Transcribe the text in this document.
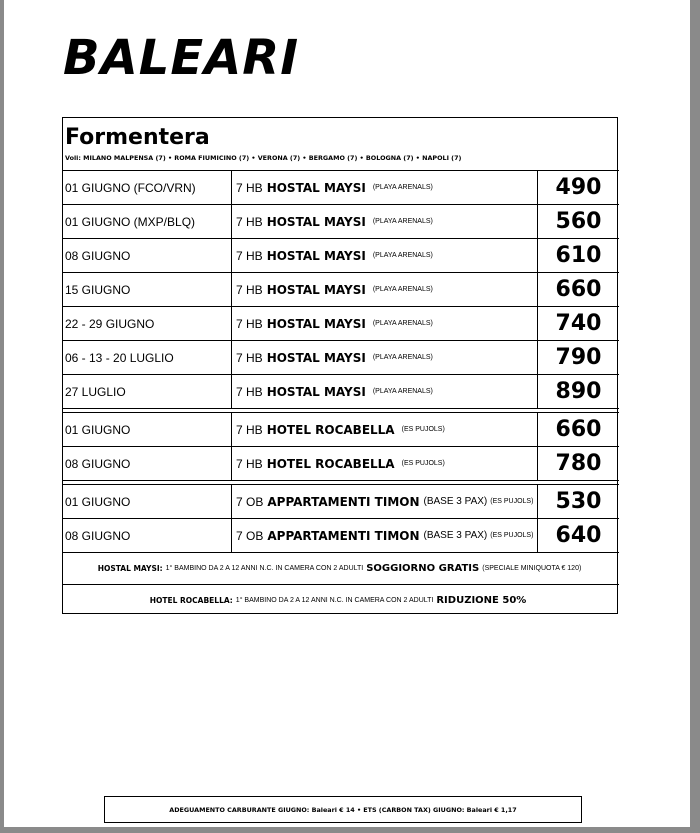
BALEARI
Formentera
Voli: MILANO MALPENSA (7) • ROMA FIUMICINO (7) • VERONA (7) • BERGAMO (7) • BOLOGNA (7) • NAPOLI (7)
01 GIUGNO (FCO/VRN)	7 HB HOSTAL MAYSI (PLAYA ARENALS)	490
01 GIUGNO (MXP/BLQ)	7 HB HOSTAL MAYSI (PLAYA ARENALS)	560
08 GIUGNO	7 HB HOSTAL MAYSI (PLAYA ARENALS)	610
15 GIUGNO	7 HB HOSTAL MAYSI (PLAYA ARENALS)	660
22 - 29 GIUGNO	7 HB HOSTAL MAYSI (PLAYA ARENALS)	740
06 - 13 - 20 LUGLIO	7 HB HOSTAL MAYSI (PLAYA ARENALS)	790
27 LUGLIO	7 HB HOSTAL MAYSI (PLAYA ARENALS)	890
01 GIUGNO	7 HB HOTEL ROCABELLA (ES PUJOLS)	660
08 GIUGNO	7 HB HOTEL ROCABELLA (ES PUJOLS)	780
01 GIUGNO	7 OB APPARTAMENTI TIMON (BASE 3 PAX) (ES PUJOLS)	530
08 GIUGNO	7 OB APPARTAMENTI TIMON (BASE 3 PAX) (ES PUJOLS)	640
HOSTAL MAYSI: 1° BAMBINO DA 2 A 12 ANNI N.C. IN CAMERA CON 2 ADULTI SOGGIORNO GRATIS (SPECIALE MINIQUOTA € 120)
HOTEL ROCABELLA: 1° BAMBINO DA 2 A 12 ANNI N.C. IN CAMERA CON 2 ADULTI RIDUZIONE 50%
ADEGUAMENTO CARBURANTE GIUGNO: Baleari € 14 • ETS (CARBON TAX) GIUGNO: Baleari € 1,17
